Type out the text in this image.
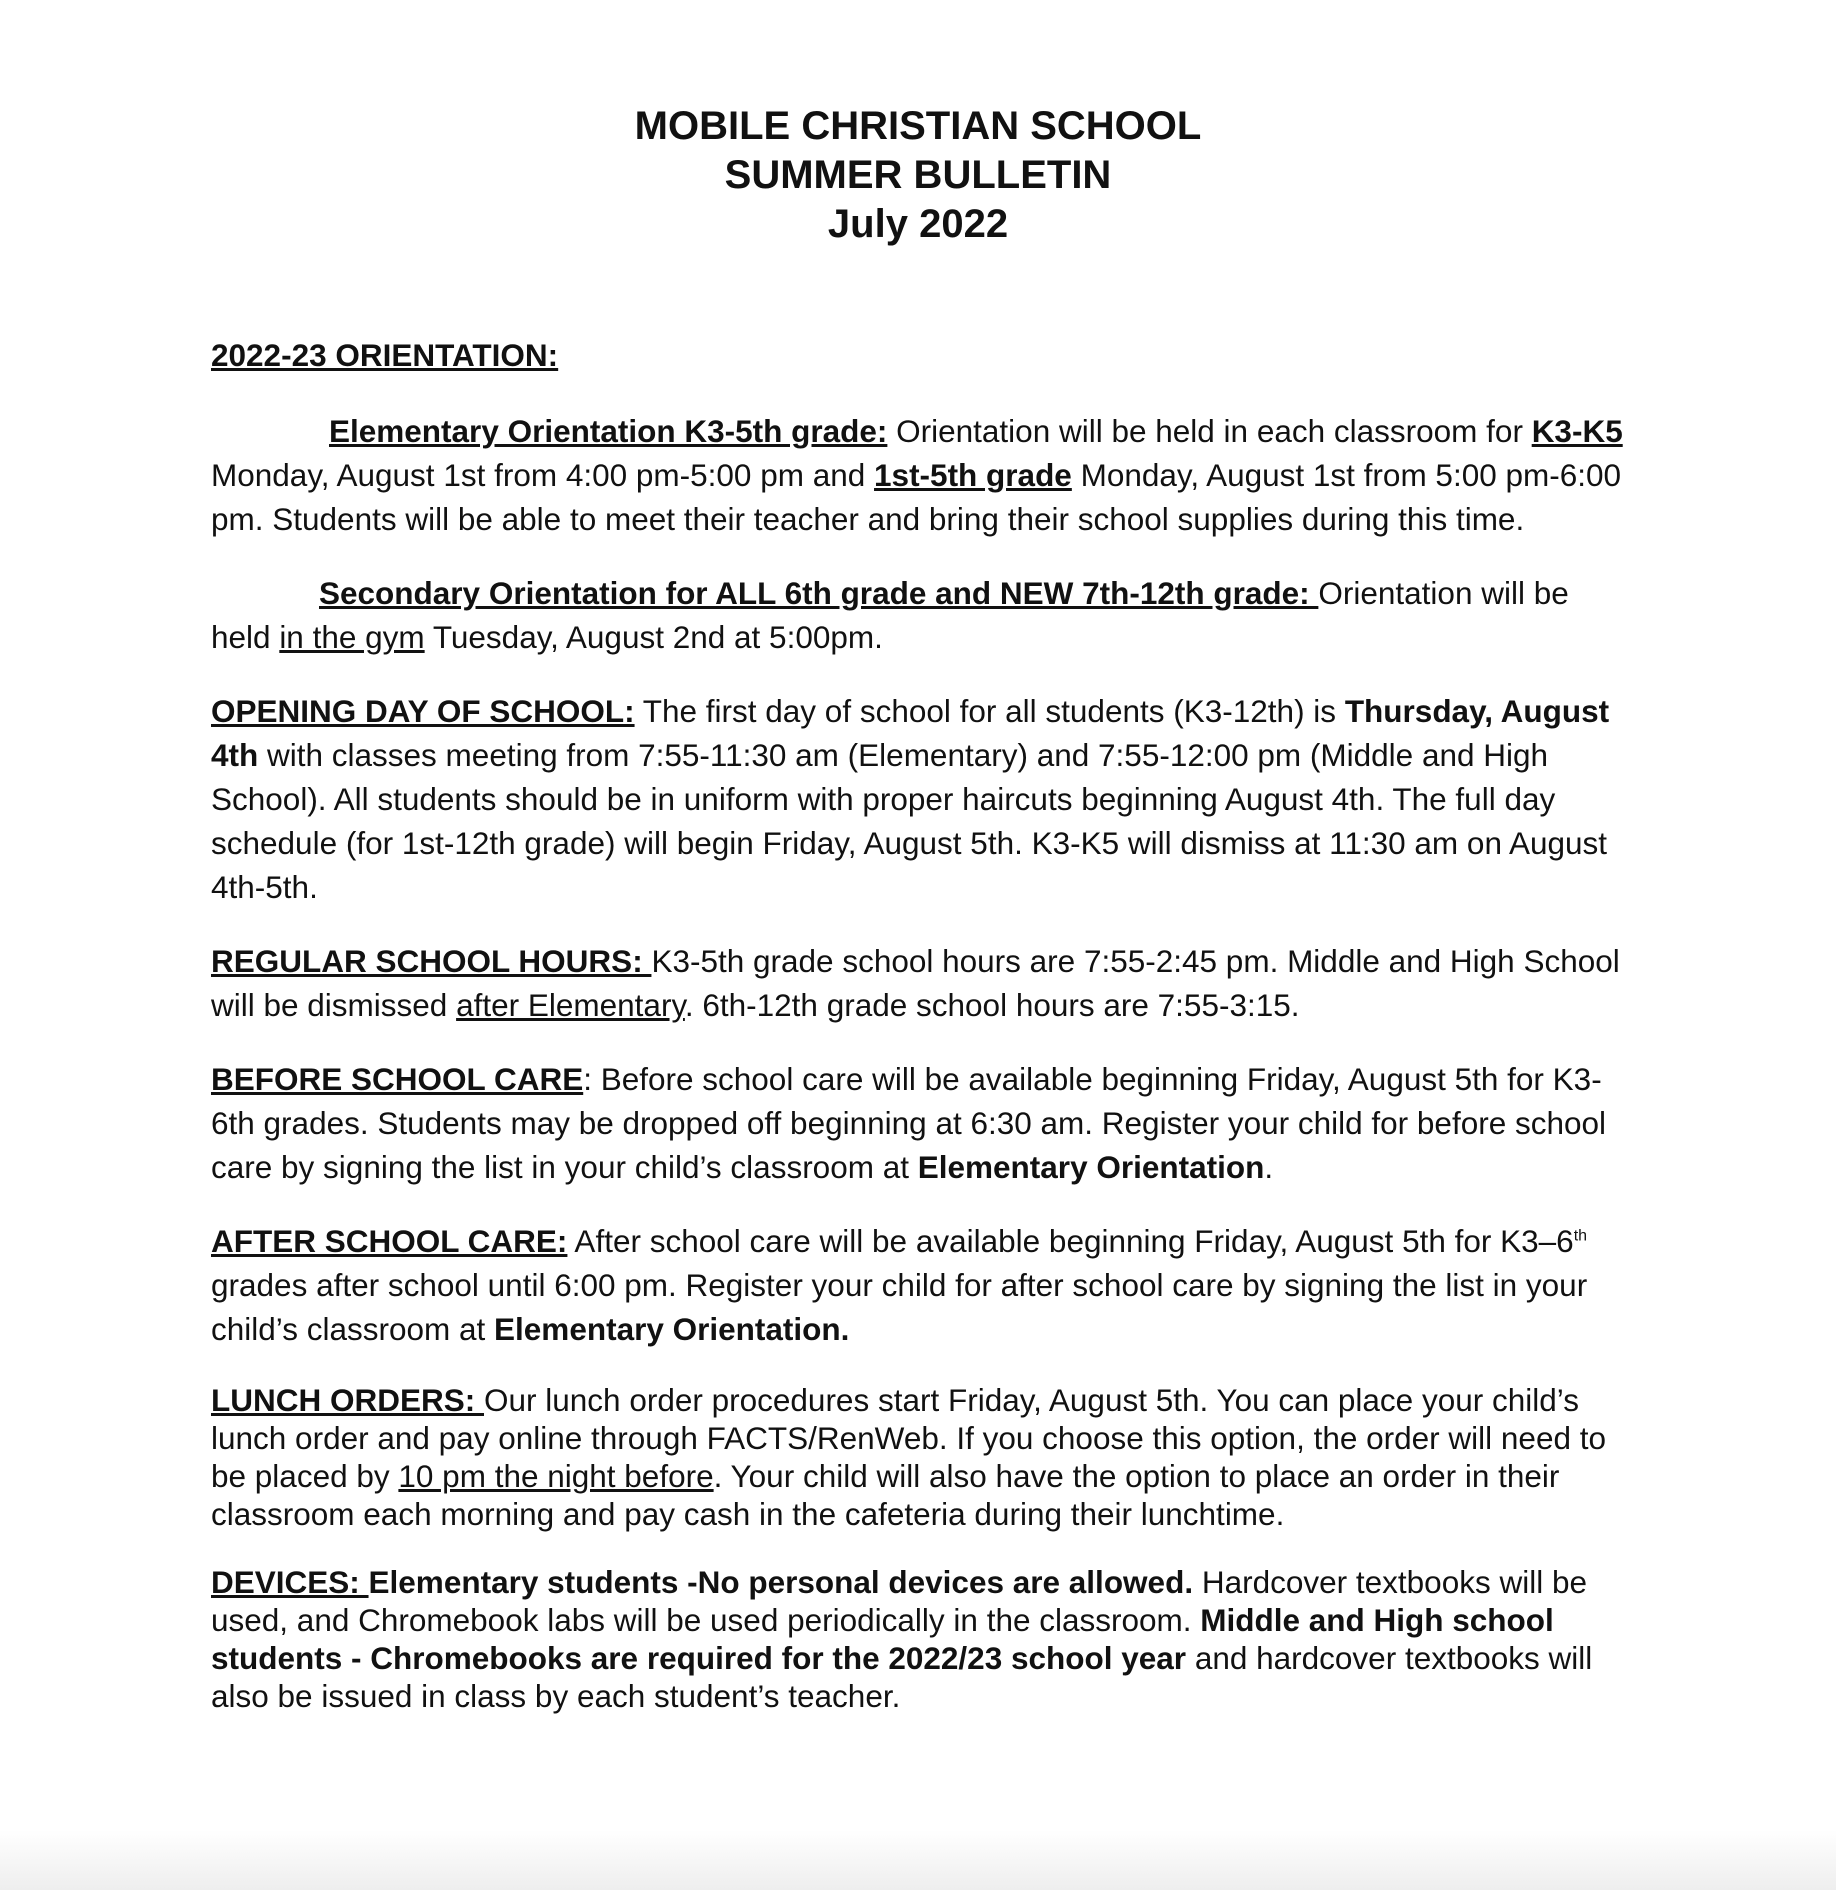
MOBILE CHRISTIAN SCHOOL
SUMMER BULLETIN
July 2022
2022-23 ORIENTATION:
Elementary Orientation K3-5th grade: Orientation will be held in each classroom for K3-K5 Monday, August 1st from 4:00 pm-5:00 pm and 1st-5th grade Monday, August 1st from 5:00 pm-6:00 pm. Students will be able to meet their teacher and bring their school supplies during this time.
Secondary Orientation for ALL 6th grade and NEW 7th-12th grade: Orientation will be held in the gym Tuesday, August 2nd at 5:00pm.
OPENING DAY OF SCHOOL: The first day of school for all students (K3-12th) is Thursday, August 4th with classes meeting from 7:55-11:30 am (Elementary) and 7:55-12:00 pm (Middle and High School). All students should be in uniform with proper haircuts beginning August 4th. The full day schedule (for 1st-12th grade) will begin Friday, August 5th. K3-K5 will dismiss at 11:30 am on August 4th-5th.
REGULAR SCHOOL HOURS: K3-5th grade school hours are 7:55-2:45 pm. Middle and High School will be dismissed after Elementary. 6th-12th grade school hours are 7:55-3:15.
BEFORE SCHOOL CARE: Before school care will be available beginning Friday, August 5th for K3-6th grades. Students may be dropped off beginning at 6:30 am. Register your child for before school care by signing the list in your child’s classroom at Elementary Orientation.
AFTER SCHOOL CARE: After school care will be available beginning Friday, August 5th for K3–6th grades after school until 6:00 pm. Register your child for after school care by signing the list in your child’s classroom at Elementary Orientation.
LUNCH ORDERS: Our lunch order procedures start Friday, August 5th. You can place your child’s lunch order and pay online through FACTS/RenWeb. If you choose this option, the order will need to be placed by 10 pm the night before. Your child will also have the option to place an order in their classroom each morning and pay cash in the cafeteria during their lunchtime.
DEVICES: Elementary students -No personal devices are allowed. Hardcover textbooks will be used, and Chromebook labs will be used periodically in the classroom. Middle and High school students - Chromebooks are required for the 2022/23 school year and hardcover textbooks will also be issued in class by each student’s teacher.
